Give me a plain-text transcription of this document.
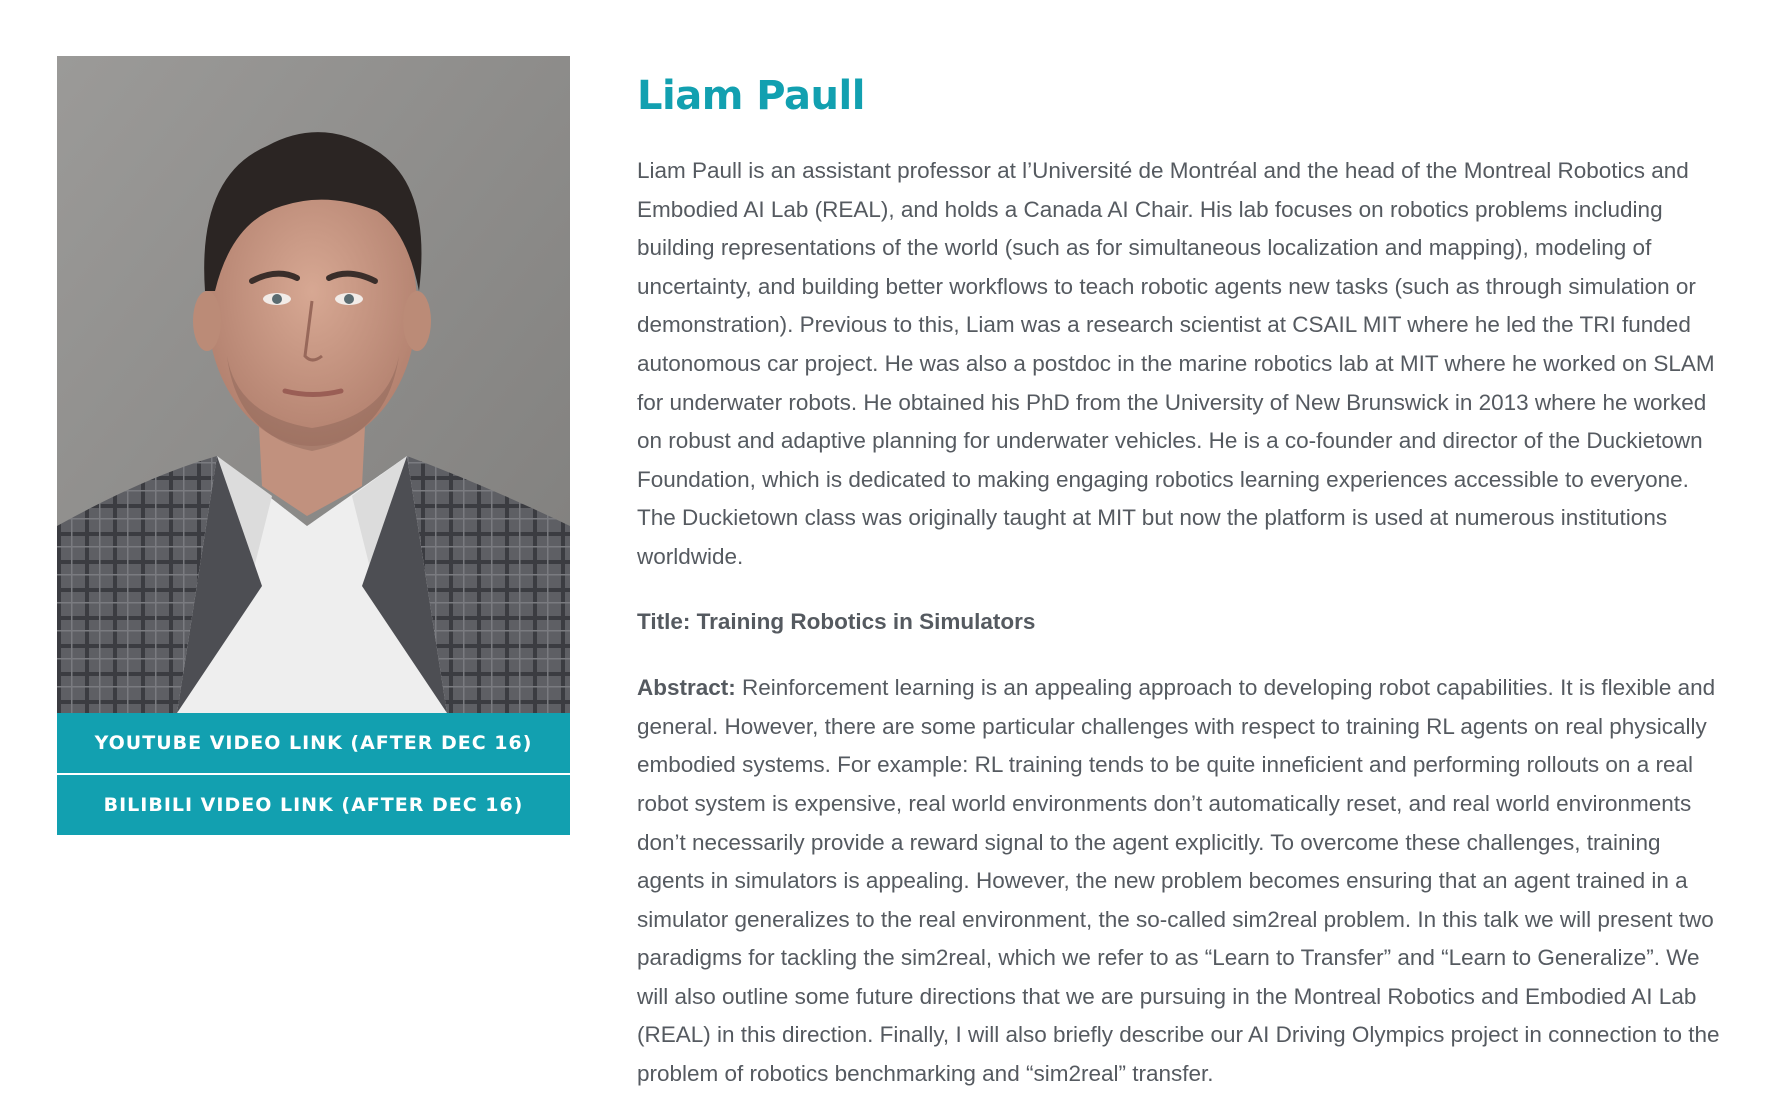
YOUTUBE VIDEO LINK (AFTER DEC 16)
BILIBILI VIDEO LINK (AFTER DEC 16)
Liam Paull

Liam Paull is an assistant professor at l’Université de Montréal and the head of the Montreal Robotics and Embodied AI Lab (REAL), and holds a Canada AI Chair. His lab focuses on robotics problems including building representations of the world (such as for simultaneous localization and mapping), modeling of uncertainty, and building better workflows to teach robotic agents new tasks (such as through simulation or demonstration). Previous to this, Liam was a research scientist at CSAIL MIT where he led the TRI funded autonomous car project. He was also a postdoc in the marine robotics lab at MIT where he worked on SLAM for underwater robots. He obtained his PhD from the University of New Brunswick in 2013 where he worked on robust and adaptive planning for underwater vehicles. He is a co-founder and director of the Duckietown Foundation, which is dedicated to making engaging robotics learning experiences accessible to everyone. The Duckietown class was originally taught at MIT but now the platform is used at numerous institutions worldwide.

Title: Training Robotics in Simulators

Abstract: Reinforcement learning is an appealing approach to developing robot capabilities. It is flexible and general. However, there are some particular challenges with respect to training RL agents on real physically embodied systems. For example: RL training tends to be quite inneficient and performing rollouts on a real robot system is expensive, real world environments don’t automatically reset, and real world environments don’t necessarily provide a reward signal to the agent explicitly. To overcome these challenges, training agents in simulators is appealing. However, the new problem becomes ensuring that an agent trained in a simulator generalizes to the real environment, the so-called sim2real problem. In this talk we will present two paradigms for tackling the sim2real, which we refer to as “Learn to Transfer” and “Learn to Generalize”. We will also outline some future directions that we are pursuing in the Montreal Robotics and Embodied AI Lab (REAL) in this direction. Finally, I will also briefly describe our AI Driving Olympics project in connection to the problem of robotics benchmarking and “sim2real” transfer.
